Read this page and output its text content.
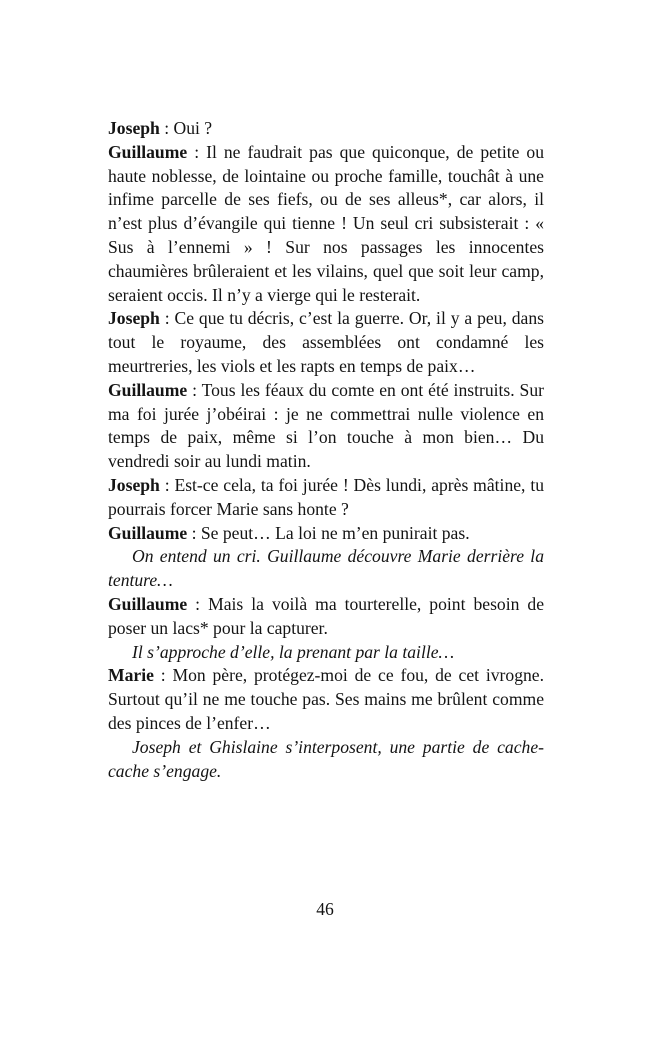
Joseph : Oui ?

Guillaume : Il ne faudrait pas que quiconque, de petite ou haute noblesse, de lointaine ou proche famille, touchât à une infime parcelle de ses fiefs, ou de ses alleus*, car alors, il n’est plus d’évangile qui tienne ! Un seul cri subsisterait : « Sus à l’ennemi » ! Sur nos passages les innocentes chaumières brûleraient et les vilains, quel que soit leur camp, seraient occis. Il n’y a vierge qui le resterait.

Joseph : Ce que tu décris, c’est la guerre. Or, il y a peu, dans tout le royaume, des assemblées ont condamné les meurtreries, les viols et les rapts en temps de paix…

Guillaume : Tous les féaux du comte en ont été instruits. Sur ma foi jurée j’obéirai : je ne commettrai nulle violence en temps de paix, même si l’on touche à mon bien… Du vendredi soir au lundi matin.

Joseph : Est-ce cela, ta foi jurée ! Dès lundi, après mâtine, tu pourrais forcer Marie sans honte ?

Guillaume : Se peut… La loi ne m’en punirait pas.

On entend un cri. Guillaume découvre Marie derrière la tenture…

Guillaume : Mais la voilà ma tourterelle, point besoin de poser un lacs* pour la capturer.

Il s’approche d’elle, la prenant par la taille…

Marie : Mon père, protégez-moi de ce fou, de cet ivrogne. Surtout qu’il ne me touche pas. Ses mains me brûlent comme des pinces de l’enfer…

Joseph et Ghislaine s’interposent, une partie de cache- cache s’engage.

46
